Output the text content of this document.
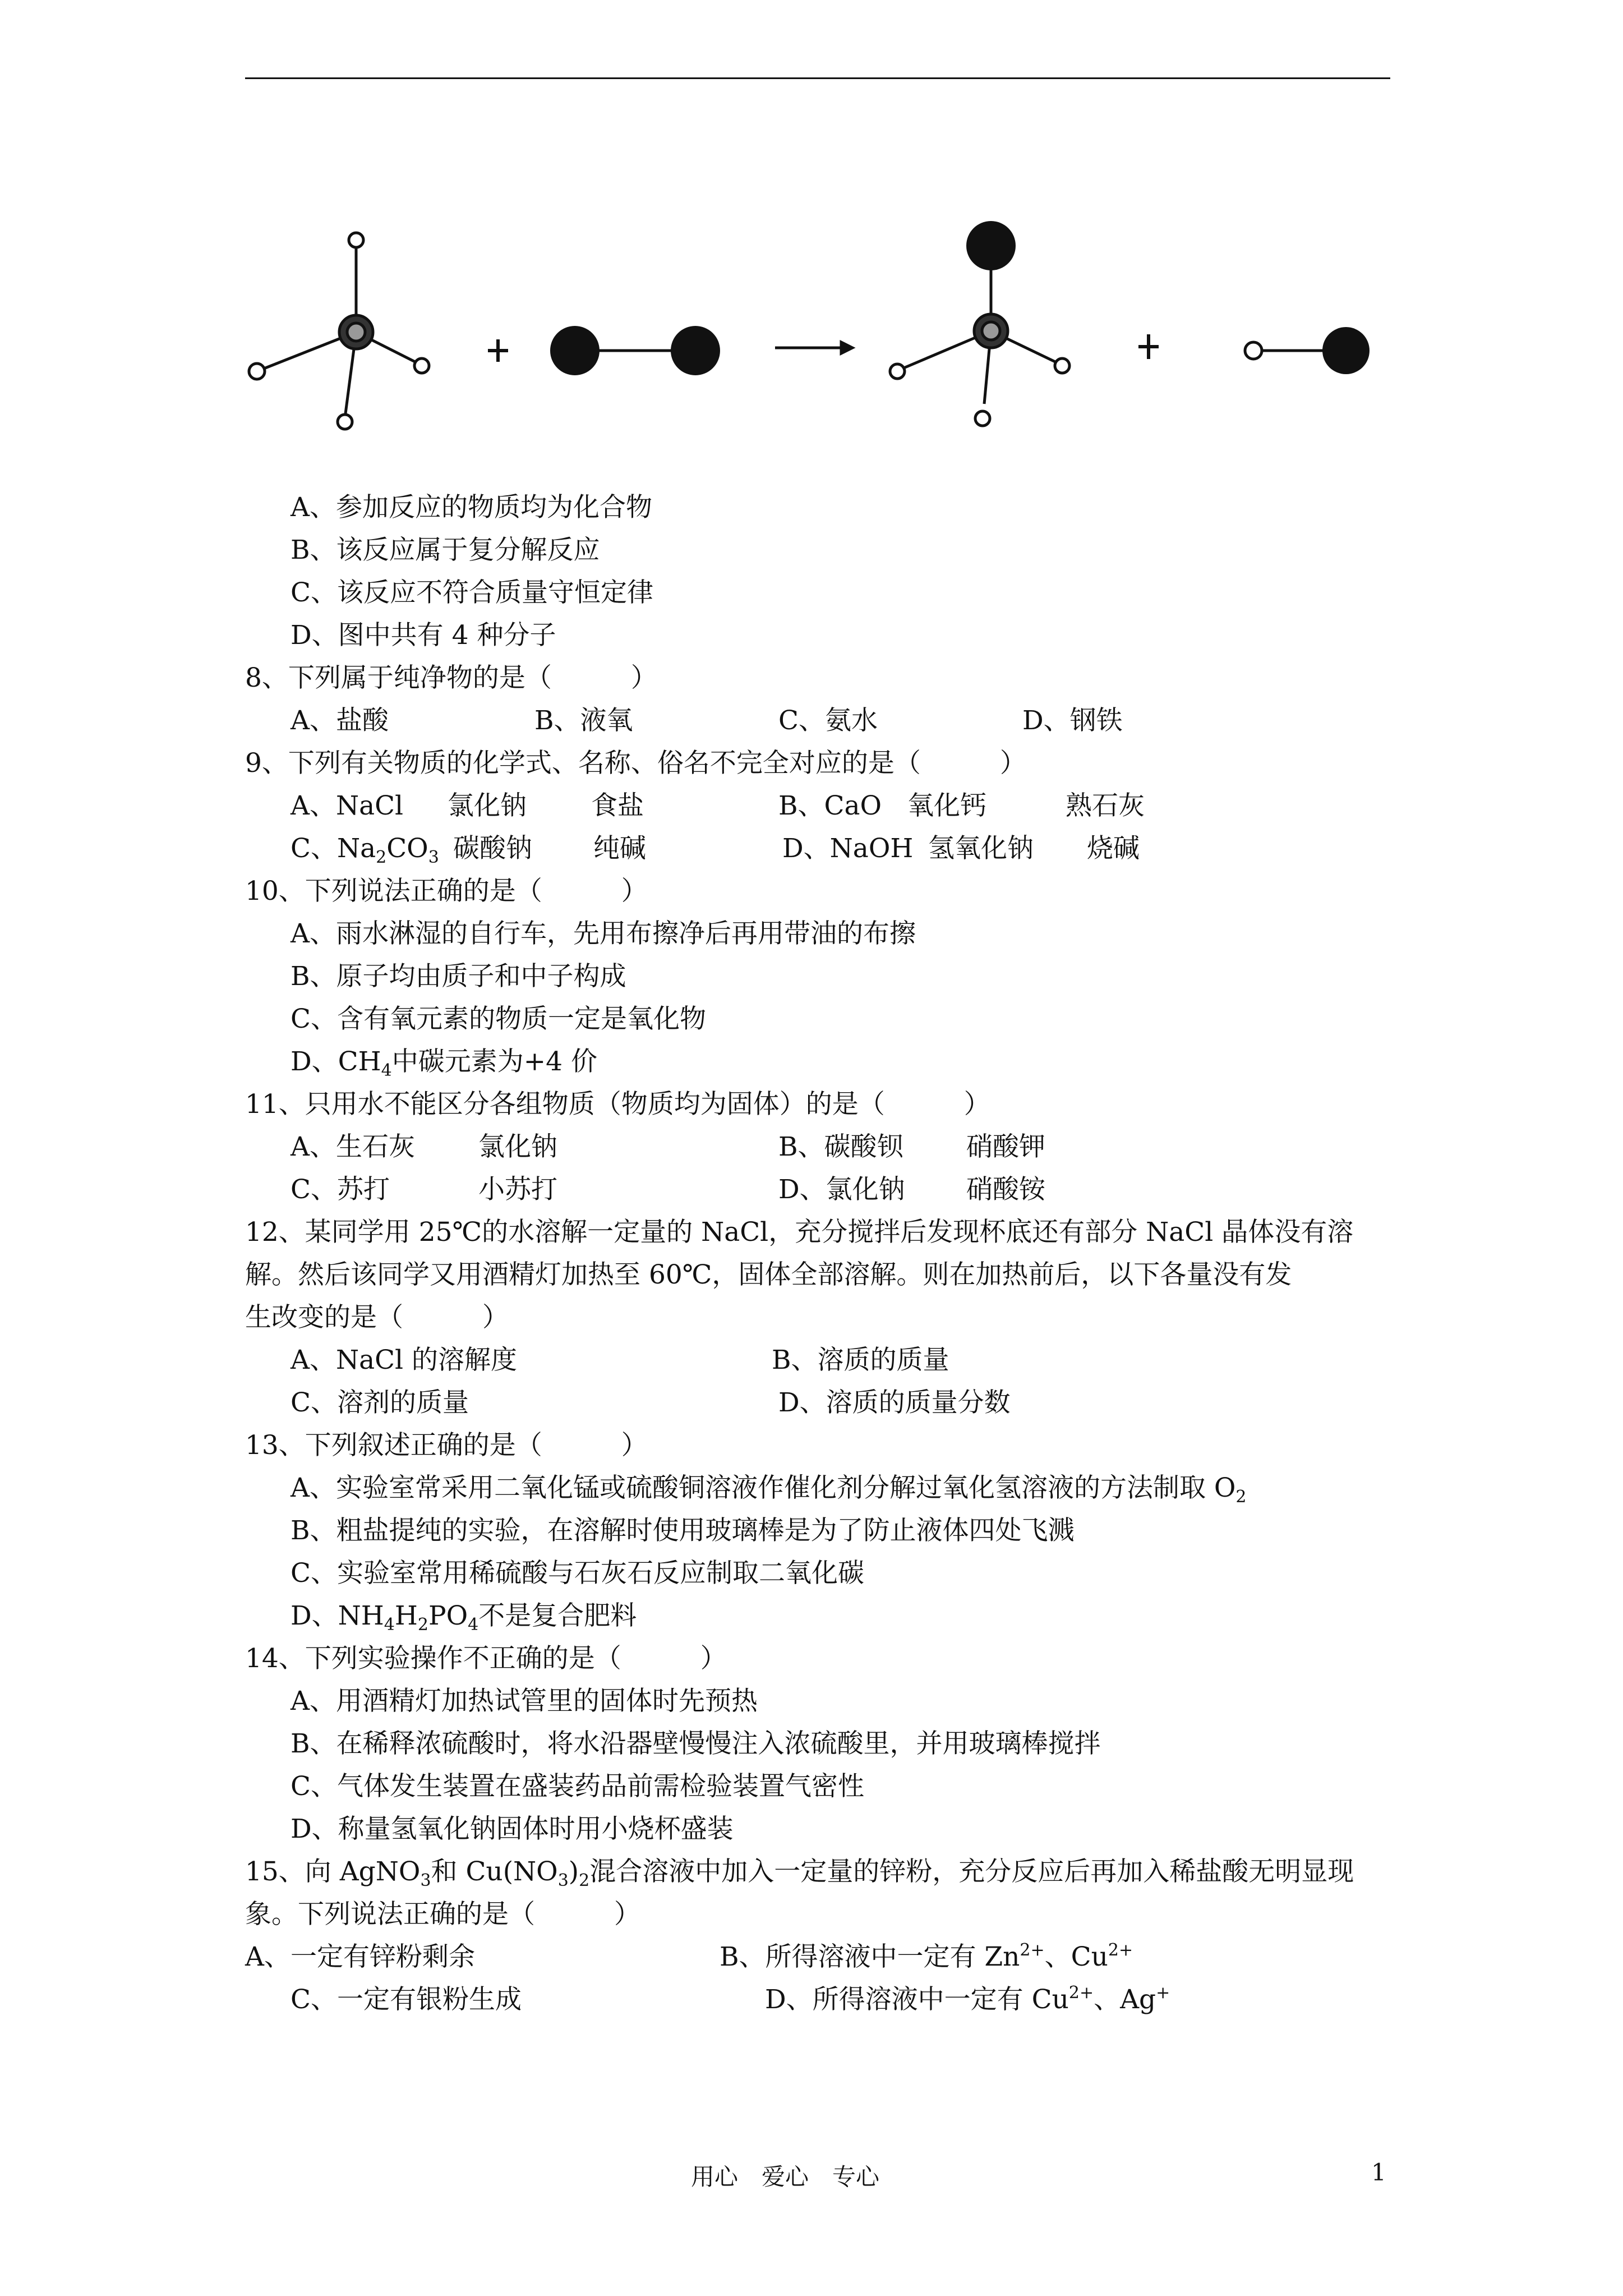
A、参加反应的物质均为化合物
B、该反应属于复分解反应
C、该反应不符合质量守恒定律
D、图中共有 4 种分子
8、下列属于纯净物的是（　　　）
A、盐酸	B、液氧	C、氨水	D、钢铁
9、下列有关物质的化学式、名称、俗名不完全对应的是（　　　）
A、NaCl 氯化钠 食盐	B、CaO 氧化钙	熟石灰
C、$Na_2CO_3$ 碳酸钠 纯碱	D、NaOH 氢氧化钠 烧碱
10、下列说法正确的是（　　　）
A、雨水淋湿的自行车，先用布擦净后再用带油的布擦
B、原子均由质子和中子构成
C、含有氧元素的物质一定是氧化物
D、$CH_4$中碳元素为+4 价
11、只用水不能区分各组物质（物质均为固体）的是（　　　）
A、生石灰 氯化钠	B、碳酸钡 硝酸钾
C、苏打	小苏打	D、氯化钠 硝酸铵
12、某同学用 25℃的水溶解一定量的 NaCl，充分搅拌后发现杯底还有部分 NaCl 晶体没有溶
解。然后该同学又用酒精灯加热至 60℃，固体全部溶解。则在加热前后，以下各量没有发
生改变的是（　　　）
A、NaCl 的溶解度	B、溶质的质量
C、溶剂的质量	D、溶质的质量分数
13、下列叙述正确的是（　　　）
A、实验室常采用二氧化锰或硫酸铜溶液作催化剂分解过氧化氢溶液的方法制取 $O_2$
B、粗盐提纯的实验，在溶解时使用玻璃棒是为了防止液体四处飞溅
C、实验室常用稀硫酸与石灰石反应制取二氧化碳
D、$NH_4H_2PO_4$不是复合肥料
14、下列实验操作不正确的是（　　　）
A、用酒精灯加热试管里的固体时先预热
B、在稀释浓硫酸时，将水沿器壁慢慢注入浓硫酸里，并用玻璃棒搅拌
C、气体发生装置在盛装药品前需检验装置气密性
D、称量氢氧化钠固体时用小烧杯盛装
15、向 AgNO$_3$和 $Cu(NO_3)_2$混合溶液中加入一定量的锌粉，充分反应后再加入稀盐酸无明显现
象。下列说法正确的是（　　　）
A、一定有锌粉剩余	B、所得溶液中一定有 $Zn^{2+}$、$Cu^{2+}$
C、一定有银粉生成	D、所得溶液中一定有 $Cu^{2+}$、Ag+
用心　爱心　专心	1
